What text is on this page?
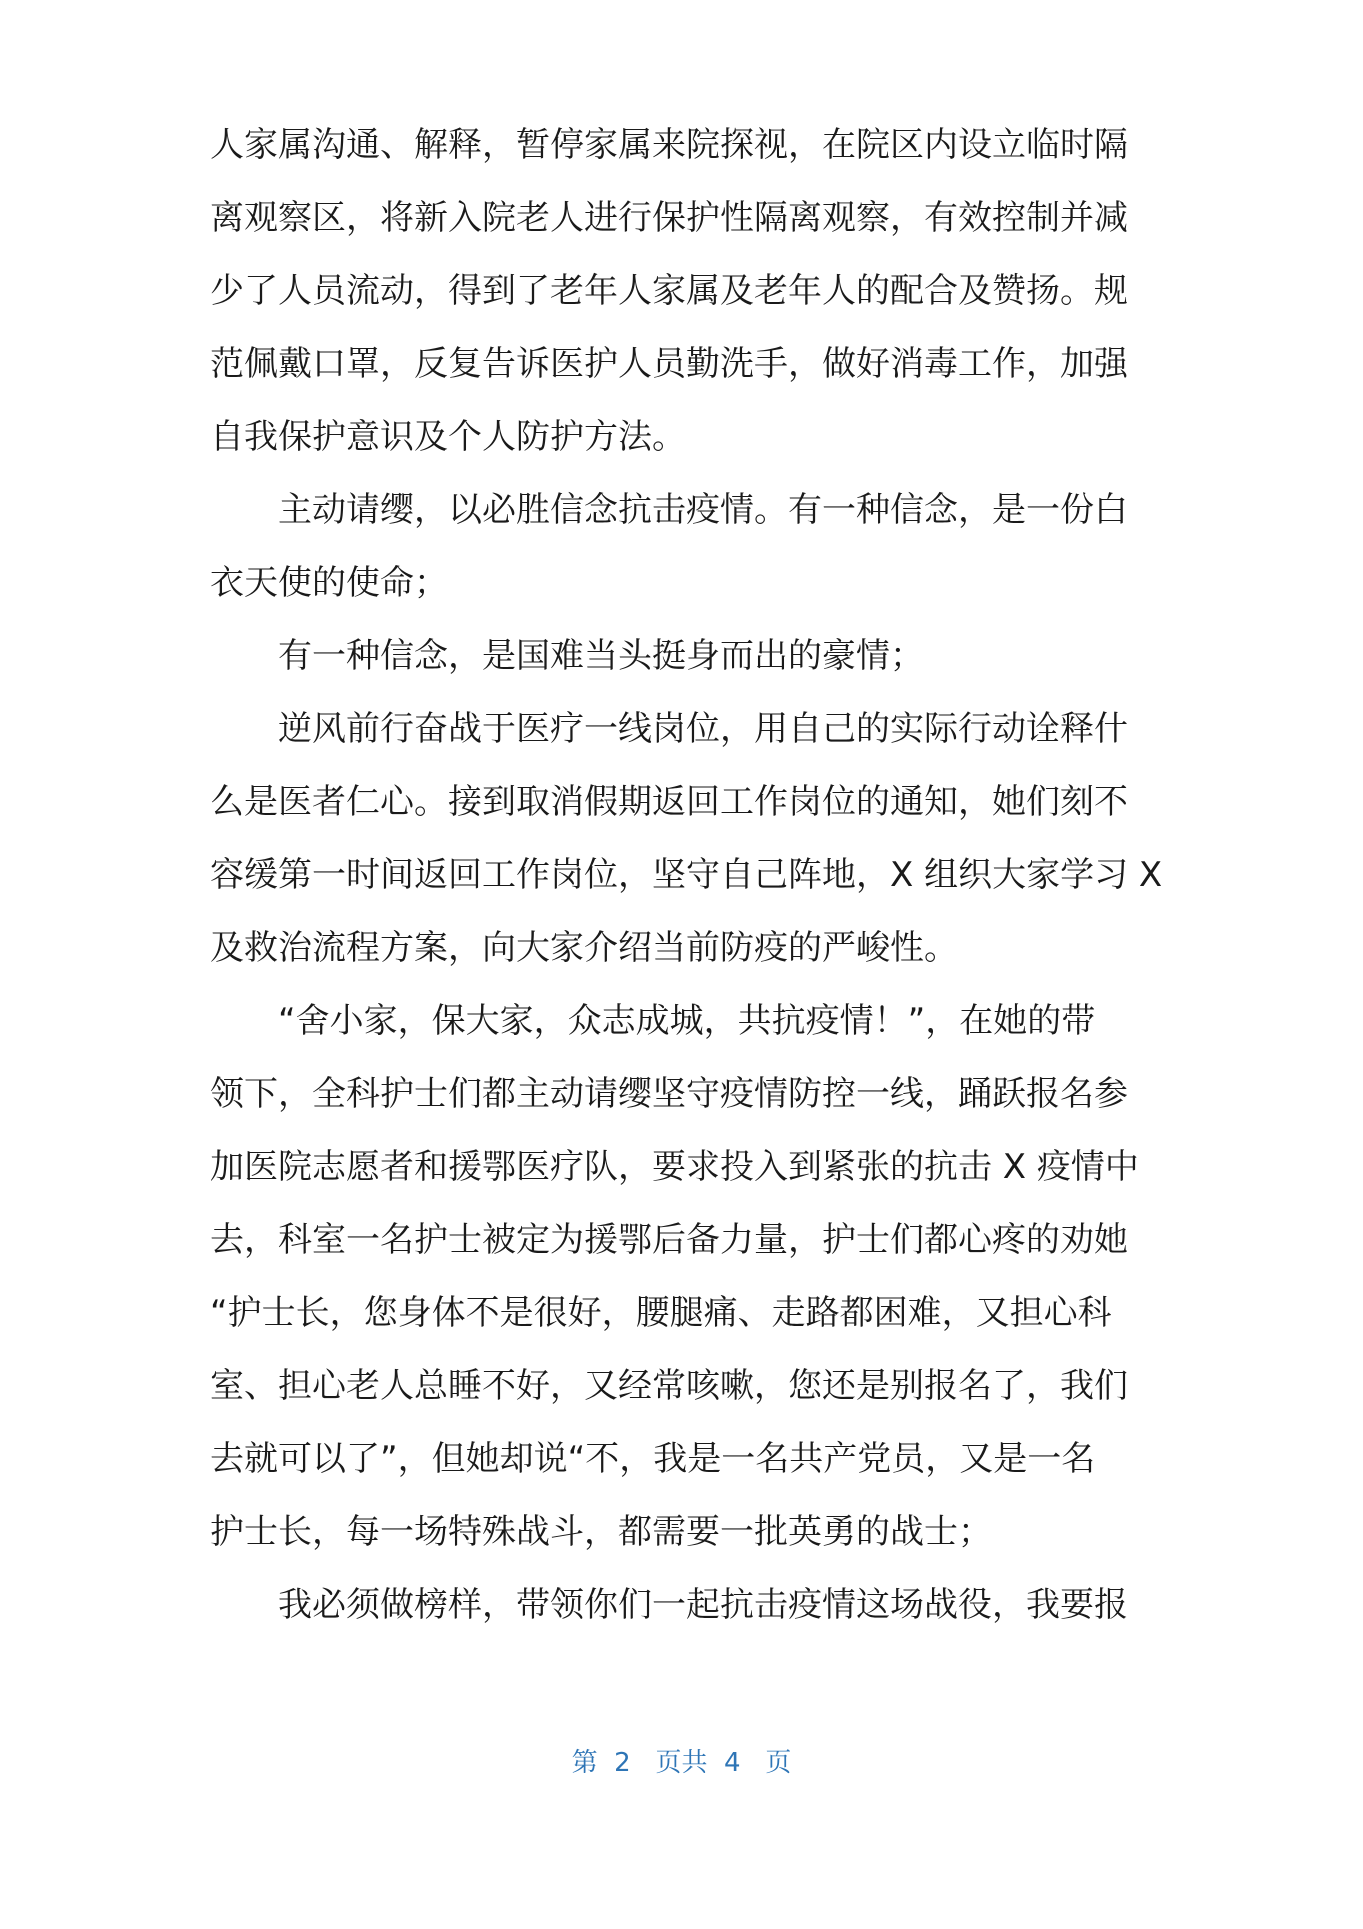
人家属沟通、解释，暂停家属来院探视，在院区内设立临时隔
离观察区，将新入院老人进行保护性隔离观察，有效控制并减
少了人员流动，得到了老年人家属及老年人的配合及赞扬。规
范佩戴口罩，反复告诉医护人员勤洗手，做好消毒工作，加强
自我保护意识及个人防护方法。
主动请缨，以必胜信念抗击疫情。有一种信念，是一份白
衣天使的使命；
有一种信念，是国难当头挺身而出的豪情；
逆风前行奋战于医疗一线岗位，用自己的实际行动诠释什
么是医者仁心。接到取消假期返回工作岗位的通知，她们刻不
容缓第一时间返回工作岗位，坚守自己阵地，X 组织大家学习 X
及救治流程方案，向大家介绍当前防疫的严峻性。
“舍小家，保大家，众志成城，共抗疫情！”，在她的带
领下，全科护士们都主动请缨坚守疫情防控一线，踊跃报名参
加医院志愿者和援鄂医疗队，要求投入到紧张的抗击 X 疫情中
去，科室一名护士被定为援鄂后备力量，护士们都心疼的劝她
“护士长，您身体不是很好，腰腿痛、走路都困难，又担心科
室、担心老人总睡不好，又经常咳嗽，您还是别报名了，我们
去就可以了”，但她却说“不，我是一名共产党员，又是一名
护士长，每一场特殊战斗，都需要一批英勇的战士；
我必须做榜样，带领你们一起抗击疫情这场战役，我要报
第  2   页共  4   页
